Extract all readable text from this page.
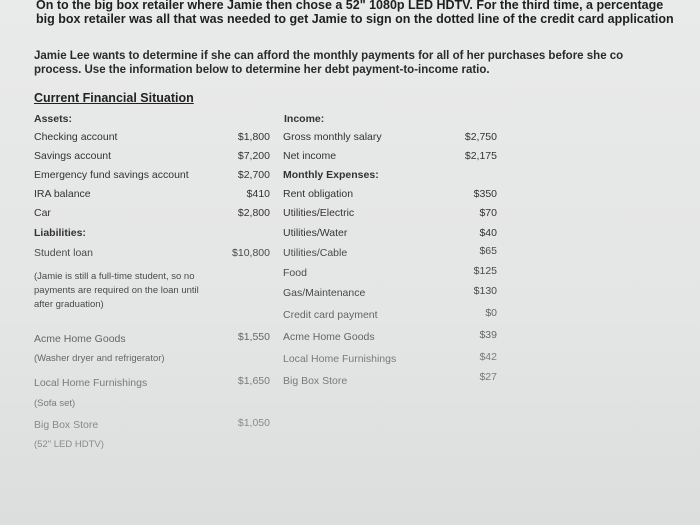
On to the big box retailer where Jamie then chose a 52" 1080p LED HDTV. For the third time, a percentage
big box retailer was all that was needed to get Jamie to sign on the dotted line of the credit card application
Jamie Lee wants to determine if she can afford the monthly payments for all of her purchases before she co
process. Use the information below to determine her debt payment-to-income ratio.
Current Financial Situation
Assets:
Checking account	$1,800
Savings account	$7,200
Emergency fund savings account	$2,700
IRA balance	$410
Car	$2,800
Liabilities:
Student loan	$10,800
(Jamie is still a full-time student, so no
payments are required on the loan until
after graduation)
Acme Home Goods	$1,550
(Washer dryer and refrigerator)
Local Home Furnishings	$1,650
(Sofa set)
Big Box Store	$1,050
(52" LED HDTV)
Income:
Gross monthly salary	$2,750
Net income	$2,175
Monthly Expenses:
Rent obligation	$350
Utilities/Electric	$70
Utilities/Water	$40
Utilities/Cable	$65
Food	$125
Gas/Maintenance	$130
Credit card payment	$0
Acme Home Goods	$39
Local Home Furnishings	$42
Big Box Store	$27
